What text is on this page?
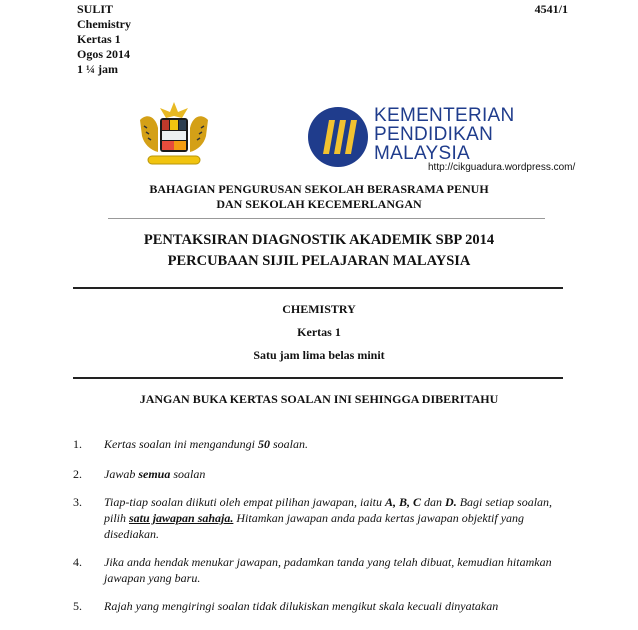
SULIT
Chemistry
Kertas 1
Ogos 2014
1 ¼ jam
4541/1
KEMENTERIAN
PENDIDIKAN
MALAYSIA
http://cikguadura.wordpress.com/
BAHAGIAN PENGURUSAN SEKOLAH BERASRAMA PENUH
DAN SEKOLAH KECEMERLANGAN
PENTAKSIRAN DIAGNOSTIK AKADEMIK SBP 2014
PERCUBAAN SIJIL PELAJARAN MALAYSIA
CHEMISTRY
Kertas 1
Satu jam lima belas minit
JANGAN BUKA KERTAS SOALAN INI SEHINGGA DIBERITAHU
1. Kertas soalan ini mengandungi 50 soalan.
2. Jawab semua soalan
3. Tiap-tiap soalan diikuti oleh empat pilihan jawapan, iaitu A, B, C dan D. Bagi setiap soalan, pilih satu jawapan sahaja. Hitamkan jawapan anda pada kertas jawapan objektif yang disediakan.
4. Jika anda hendak menukar jawapan, padamkan tanda yang telah dibuat, kemudian hitamkan jawapan yang baru.
5. Rajah yang mengiringi soalan tidak dilukiskan mengikut skala kecuali dinyatakan
